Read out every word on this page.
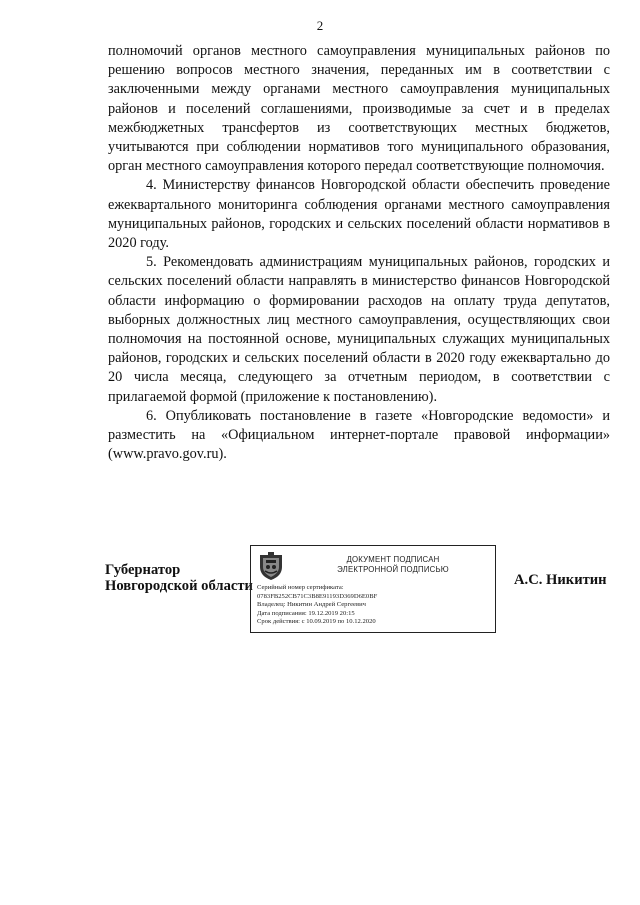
2

полномочий органов местного самоуправления муниципальных районов по решению вопросов местного значения, переданных им в соответствии с заключенными между органами местного самоуправления муниципальных районов и поселений соглашениями, производимые за счет и в пределах межбюджетных трансфертов из соответствующих местных бюджетов, учитываются при соблюдении нормативов того муниципального образования, орган местного самоуправления которого передал соответствующие полномочия.

4. Министерству финансов Новгородской области обеспечить проведение ежеквартального мониторинга соблюдения органами местного самоуправления муниципальных районов, городских и сельских поселений области нормативов в 2020 году.

5. Рекомендовать администрациям муниципальных районов, городских и сельских поселений области направлять в министерство финансов Новгородской области информацию о формировании расходов на оплату труда депутатов, выборных должностных лиц местного самоуправления, осуществляющих свои полномочия на постоянной основе, муниципальных служащих муниципальных районов, городских и сельских поселений области в 2020 году ежеквартально до 20 числа месяца, следующего за отчетным периодом, в соответствии с прилагаемой формой (приложение к постановлению).

6. Опубликовать постановление в газете «Новгородские ведомости» и разместить на «Официальном интернет-портале правовой информации» (www.pravo.gov.ru).

Губернатор
Новгородской области
ДОКУМЕНТ ПОДПИСАН
ЭЛЕКТРОННОЙ ПОДПИСЬЮ
Серийный номер сертификата:
0783FB252CB71C3B8E91193D369D6E0BF
Владелец: Никитин Андрей Сергеевич
Дата подписания: 19.12.2019 20:15
Срок действия: с 10.09.2019 по 10.12.2020
А.С. Никитин
